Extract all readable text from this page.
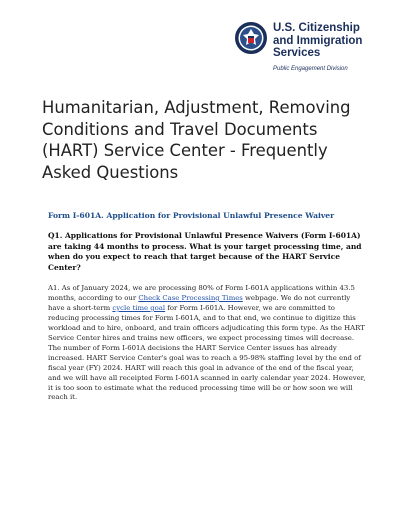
U.S. Citizenship
and Immigration
Services
Public Engagement Division
Humanitarian, Adjustment, Removing Conditions and Travel Documents (HART) Service Center - Frequently Asked Questions
Form I-601A. Application for Provisional Unlawful Presence Waiver
Q1. Applications for Provisional Unlawful Presence Waivers (Form I-601A) are taking 44 months to process. What is your target processing time, and when do you expect to reach that target because of the HART Service Center?
A1. As of January 2024, we are processing 80% of Form I-601A applications within 43.5 months, according to our Check Case Processing Times webpage. We do not currently have a short-term cycle time goal for Form I-601A. However, we are committed to reducing processing times for Form I-601A, and to that end, we continue to digitize this workload and to hire, onboard, and train officers adjudicating this form type. As the HART Service Center hires and trains new officers, we expect processing times will decrease. The number of Form I-601A decisions the HART Service Center issues has already increased. HART Service Center's goal was to reach a 95-98% staffing level by the end of fiscal year (FY) 2024. HART will reach this goal in advance of the end of the fiscal year, and we will have all receipted Form I-601A scanned in early calendar year 2024. However, it is too soon to estimate what the reduced processing time will be or how soon we will reach it.
